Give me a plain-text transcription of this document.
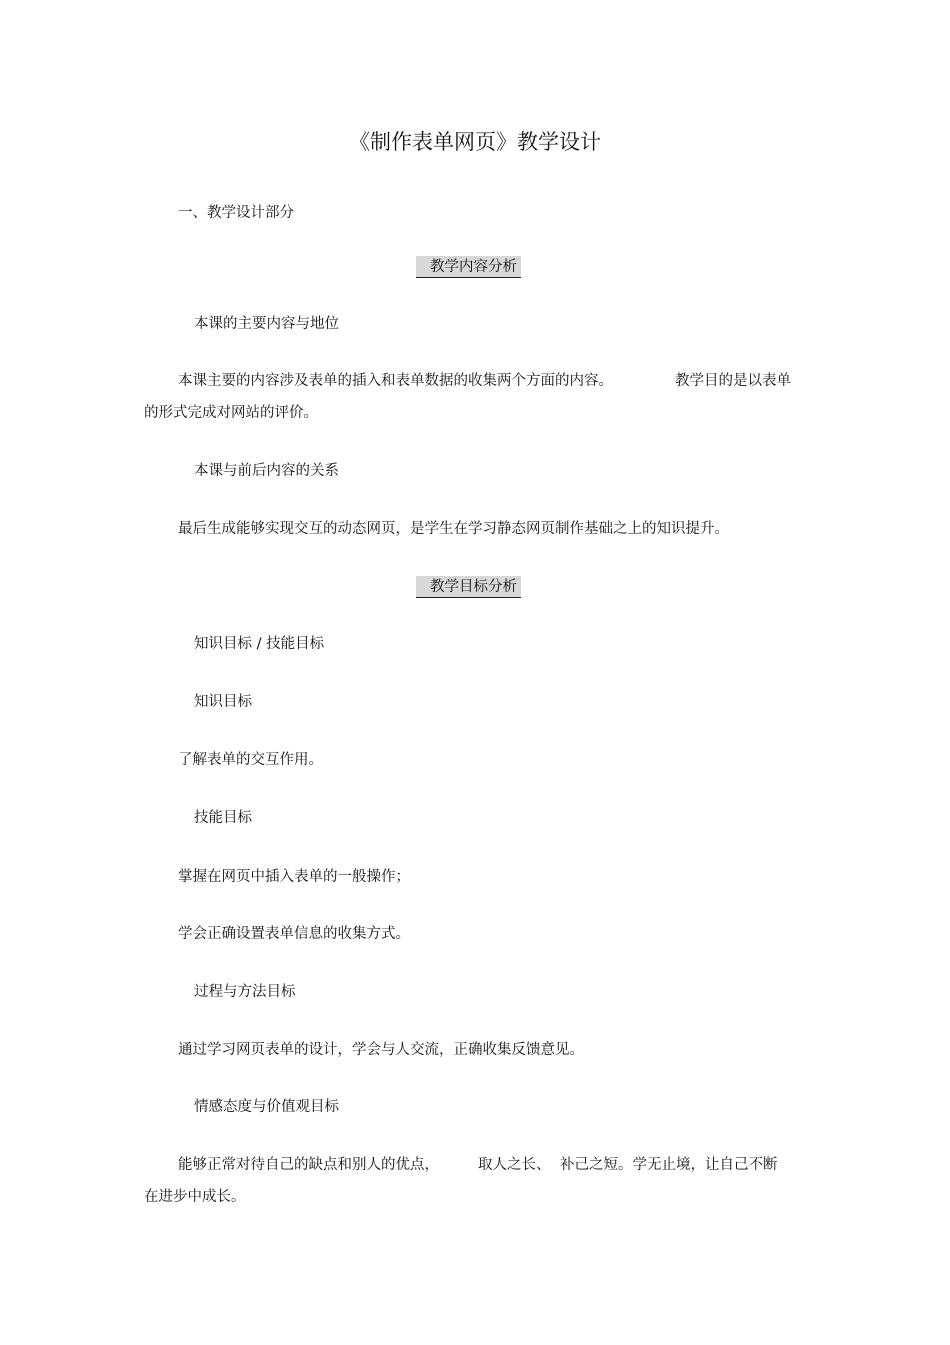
《制作表单网页》教学设计
一、教学设计部分
教学内容分析
本课的主要内容与地位
本课主要的内容涉及表单的插入和表单数据的收集两个方面的内容。	教学目的是以表单
的形式完成对网站的评价。
本课与前后内容的关系
最后生成能够实现交互的动态网页，是学生在学习静态网页制作基础之上的知识提升。
教学目标分析
知识目标 / 技能目标
知识目标
了解表单的交互作用。
技能目标
掌握在网页中插入表单的一般操作；
学会正确设置表单信息的收集方式。
过程与方法目标
通过学习网页表单的设计，学会与人交流，正确收集反馈意见。
情感态度与价值观目标
能够正常对待自己的缺点和别人的优点，	取人之长、 补己之短。学无止境，让自己不断
在进步中成长。
